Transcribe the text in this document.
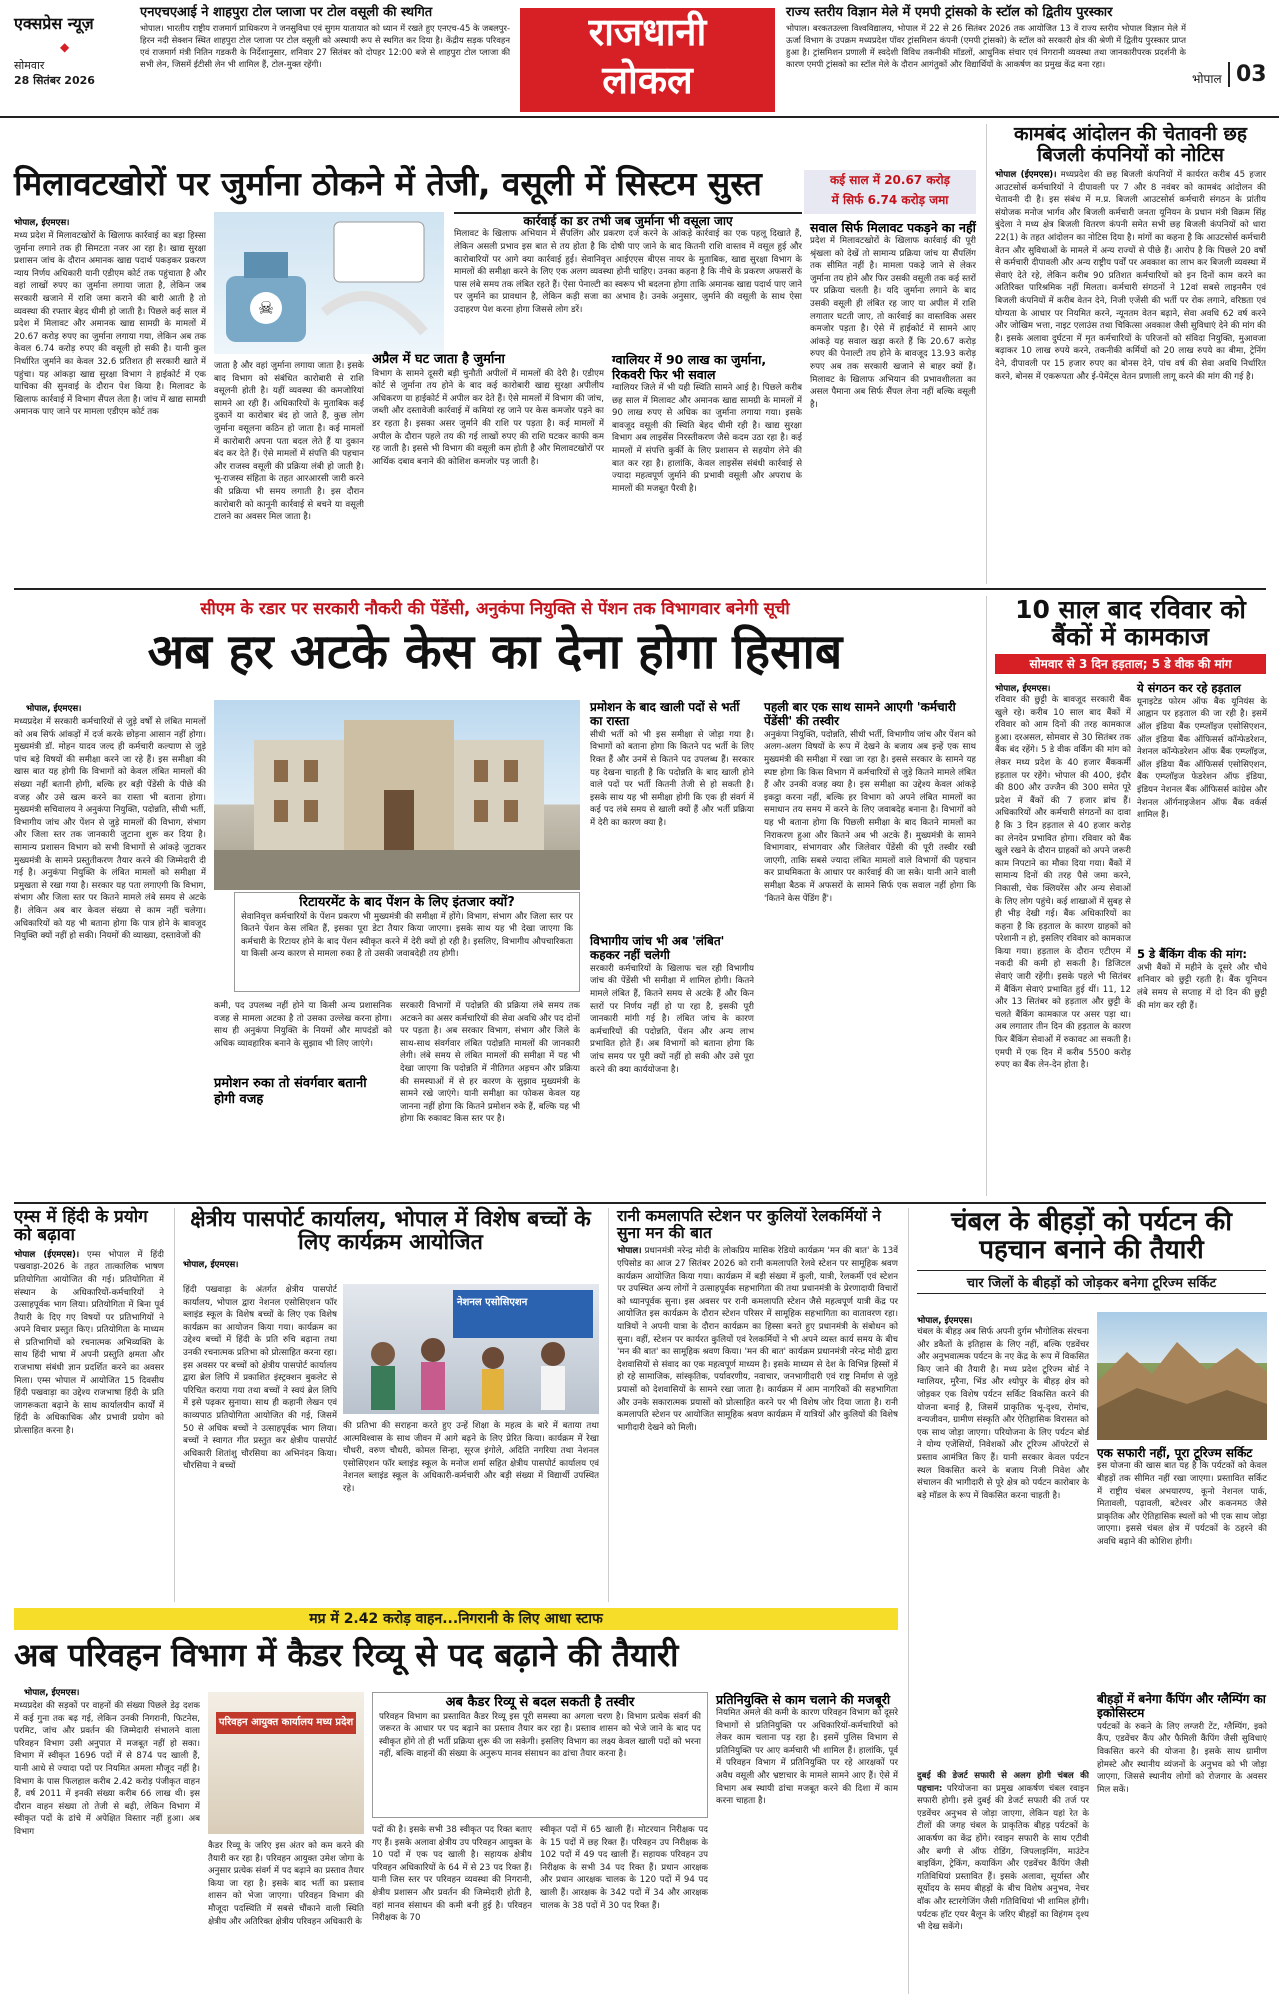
एक्सप्रेस न्यूज़
◆
सोमवार
28 सितंबर 2026
एनएचएआई ने शाहपुरा टोल प्लाजा पर टोल वसूली की स्थगित
भोपाल। भारतीय राष्ट्रीय राजमार्ग प्राधिकरण ने जनसुविधा एवं सुगम यातायात को ध्यान में रखते हुए एनएच-45 के जबलपुर-हिरन नदी सेक्शन स्थित शाहपुरा टोल प्लाजा पर टोल वसूली को अस्थायी रूप से स्थगित कर दिया है। केंद्रीय सड़क परिवहन एवं राजमार्ग मंत्री नितिन गडकरी के निर्देशानुसार, शनिवार 27 सितंबर को दोपहर 12:00 बजे से शाहपुरा टोल प्लाजा की सभी लेन, जिसमें ईटीसी लेन भी शामिल हैं, टोल-मुक्त रहेंगी।
राजधानी
लोकल
राज्य स्तरीय विज्ञान मेले में एमपी ट्रांसको के स्टॉल को द्वितीय पुरस्कार
भोपाल। बरकतउल्ला विश्वविद्यालय, भोपाल में 22 से 26 सितंबर 2026 तक आयोजित 13 वें राज्य स्तरीय भोपाल विज्ञान मेले में ऊर्जा विभाग के उपक्रम मध्यप्रदेश पॉवर ट्रांसमिशन कंपनी (एमपी ट्रांसको) के स्टॉल को सरकारी क्षेत्र की श्रेणी में द्वितीय पुरस्कार प्राप्त हुआ है। ट्रांसमिशन प्रणाली में स्वदेशी विविध तकनीकी मॉडलों, आधुनिक संचार एवं निगरानी व्यवस्था तथा जानकारीपरक प्रदर्शनी के कारण एमपी ट्रांसको का स्टॉल मेले के दौरान आगंतुकों और विद्यार्थियों के आकर्षण का प्रमुख केंद्र बना रहा।
भोपाल 03
मिलावटखोरों पर जुर्माना ठोकने में तेजी, वसूली में सिस्टम सुस्त
☠
भोपाल, ईएमएस।
मध्य प्रदेश में मिलावटखोरों के खिलाफ कार्रवाई का बड़ा हिस्सा जुर्माना लगाने तक ही सिमटता नजर आ रहा है। खाद्य सुरक्षा प्रशासन जांच के दौरान अमानक खाद्य पदार्थ पकड़कर प्रकरण न्याय निर्णय अधिकारी यानी एडीएम कोर्ट तक पहुंचाता है और वहां लाखों रुपए का जुर्माना लगाया जाता है, लेकिन जब सरकारी खजाने में राशि जमा कराने की बारी आती है तो व्यवस्था की रफ्तार बेहद धीमी हो जाती है। पिछले कई साल में प्रदेश में मिलावट और अमानक खाद्य सामग्री के मामलों में 20.67 करोड़ रुपए का जुर्माना लगाया गया, लेकिन अब तक केवल 6.74 करोड़ रुपए की वसूली हो सकी है। यानी कुल निर्धारित जुर्माने का केवल 32.6 प्रतिशत ही सरकारी खाते में पहुंचा। यह आंकड़ा खाद्य सुरक्षा विभाग ने हाईकोर्ट में एक याचिका की सुनवाई के दौरान पेश किया है। मिलावट के खिलाफ कार्रवाई में विभाग सैंपल लेता है। जांच में खाद्य सामग्री अमानक पाए जाने पर मामला एडीएम कोर्ट तक
जाता है और वहां जुर्माना लगाया जाता है। इसके बाद विभाग को संबंधित कारोबारी से राशि वसूलनी होती है। यहीं व्यवस्था की कमजोरियां सामने आ रही हैं। अधिकारियों के मुताबिक कई दुकानें या कारोबार बंद हो जाते हैं, कुछ लोग जुर्माना वसूलना कठिन हो जाता है। कई मामलों में कारोबारी अपना पता बदल लेते हैं या दुकान बंद कर देते हैं। ऐसे मामलों में संपत्ति की पहचान और राजस्व वसूली की प्रक्रिया लंबी हो जाती है। भू-राजस्व संहिता के तहत आरआरसी जारी करने की प्रक्रिया भी समय लगाती है। इस दौरान कारोबारी को कानूनी कार्रवाई से बचने या वसूली टालने का अवसर मिल जाता है।
कार्रवाई का डर तभी जब जुर्माना भी वसूला जाए
मिलावट के खिलाफ अभियान में सैंपलिंग और प्रकरण दर्ज करने के आंकड़े कार्रवाई का एक पहलू दिखाते हैं, लेकिन असली प्रभाव इस बात से तय होता है कि दोषी पाए जाने के बाद कितनी राशि वास्तव में वसूल हुई और कारोबारियों पर आगे क्या कार्रवाई हुई। सेवानिवृत्त आईएएस बीएस नायर के मुताबिक, खाद्य सुरक्षा विभाग के मामलों की समीक्षा करने के लिए एक अलग व्यवस्था होनी चाहिए। उनका कहना है कि नीचे के प्रकरण अफसरों के पास लंबे समय तक लंबित रहते हैं। ऐसा पेनाल्टी का स्वरूप भी बदलना होगा ताकि अमानक खाद्य पदार्थ पाए जाने पर जुर्माने का प्रावधान है, लेकिन कड़ी सजा का अभाव है। उनके अनुसार, जुर्माने की वसूली के साथ ऐसा उदाहरण पेश करना होगा जिससे लोग डरें।
अप्रैल में घट जाता है जुर्माना
विभाग के सामने दूसरी बड़ी चुनौती अपीलों में मामलों की देरी है। एडीएम कोर्ट से जुर्माना तय होने के बाद कई कारोबारी खाद्य सुरक्षा अपीलीय अधिकरण या हाईकोर्ट में अपील कर देते हैं। ऐसे मामलों में विभाग की जांच, जब्ती और दस्तावेजी कार्रवाई में कमियां रह जाने पर केस कमजोर पड़ने का डर रहता है। इसका असर जुर्माने की राशि पर पड़ता है। कई मामलों में अपील के दौरान पहले तय की गई लाखों रुपए की राशि घटकर काफी कम रह जाती है। इससे भी विभाग की वसूली कम होती है और मिलावटखोरों पर आर्थिक दबाव बनाने की कोशिश कमजोर पड़ जाती है।
ग्वालियर में 90 लाख का जुर्माना, रिकवरी फिर भी सवाल
ग्वालियर जिले में भी यही स्थिति सामने आई है। पिछले करीब छह साल में मिलावट और अमानक खाद्य सामग्री के मामलों में 90 लाख रुपए से अधिक का जुर्माना लगाया गया। इसके बावजूद वसूली की स्थिति बेहद धीमी रही है। खाद्य सुरक्षा विभाग अब लाइसेंस निरस्तीकरण जैसे कदम उठा रहा है। कई मामलों में संपत्ति कुर्की के लिए प्रशासन से सहयोग लेने की बात कर रहा है। हालांकि, केवल लाइसेंस संबंधी कार्रवाई से ज्यादा महत्वपूर्ण जुर्माने की प्रभावी वसूली और अपराध के मामलों की मजबूत पैरवी है।
कई साल में 20.67 करोड़
में सिर्फ 6.74 करोड़ जमा
सवाल सिर्फ मिलावट पकड़ने का नहीं
प्रदेश में मिलावटखोरों के खिलाफ कार्रवाई की पूरी श्रृंखला को देखें तो सामान्य प्रक्रिया जांच या सैंपलिंग तक सीमित नहीं है। मामला पकड़े जाने से लेकर जुर्माना तय होने और फिर उसकी वसूली तक कई स्तरों पर प्रक्रिया चलती है। यदि जुर्माना लगाने के बाद उसकी वसूली ही लंबित रह जाए या अपील में राशि लगातार घटती जाए, तो कार्रवाई का वास्तविक असर कमजोर पड़ता है। ऐसे में हाईकोर्ट में सामने आए आंकड़े यह सवाल खड़ा करते हैं कि 20.67 करोड़ रुपए की पेनाल्टी तय होने के बावजूद 13.93 करोड़ रुपए अब तक सरकारी खजाने से बाहर क्यों हैं। मिलावट के खिलाफ अभियान की प्रभावशीलता का असल पैमाना अब सिर्फ सैंपल लेना नहीं बल्कि वसूली है।
कामबंद आंदोलन की चेतावनी छह बिजली कंपनियों को नोटिस
भोपाल (ईएमएस)। मध्यप्रदेश की छह बिजली कंपनियों में कार्यरत करीब 45 हजार आउटसोर्स कर्मचारियों ने दीपावली पर 7 और 8 नवंबर को कामबंद आंदोलन की चेतावनी दी है। इस संबंध में म.प्र. बिजली आउटसोर्स कर्मचारी संगठन के प्रांतीय संयोजक मनोज भार्गव और बिजली कर्मचारी जनता यूनियन के प्रधान मंत्री विक्रम सिंह बुंदेला ने मध्य क्षेत्र बिजली वितरण कंपनी समेत सभी छह बिजली कंपनियों को धारा 22(1) के तहत आंदोलन का नोटिस दिया है। मांगों का कहना है कि आउटसोर्स कर्मचारी वेतन और सुविधाओं के मामले में अन्य राज्यों से पीछे हैं। आरोप है कि पिछले 20 वर्षों से कर्मचारी दीपावली और अन्य राष्ट्रीय पर्वों पर अवकाश का लाभ कर बिजली व्यवस्था में सेवाएं देते रहे, लेकिन करीब 90 प्रतिशत कर्मचारियों को इन दिनों काम करने का अतिरिक्त पारिश्रमिक नहीं मिलता। कर्मचारी संगठनों ने 12वां सबसे लाइनमैन एवं बिजली कंपनियों में करीब वेतन देने, निजी एजेंसी की भर्ती पर रोक लगाने, वरिष्ठता एवं योग्यता के आधार पर नियमित करने, न्यूनतम वेतन बढ़ाने, सेवा अवधि 62 वर्ष करने और जोखिम भत्ता, नाइट एलाउंस तथा चिकित्सा अवकाश जैसी सुविधाएं देने की मांग की है। इसके अलावा दुर्घटना में मृत कर्मचारियों के परिजनों को संविदा नियुक्ति, मुआवजा बढ़ाकर 10 लाख रुपये करने, तकनीकी कर्मियों को 20 लाख रुपये का बीमा, ट्रेनिंग देने, दीपावली पर 15 हजार रुपए का बोनस देने, पांच वर्ष की सेवा अवधि निर्धारित करने, बोनस में एकरूपता और ई-पेमेंट्स वेतन प्रणाली लागू करने की मांग की गई है।
सीएम के रडार पर सरकारी नौकरी की पेंडेंसी, अनुकंपा नियुक्ति से पेंशन तक विभागवार बनेगी सूची
अब हर अटके केस का देना होगा हिसाब
भोपाल, ईएमएस।
मध्यप्रदेश में सरकारी कर्मचारियों से जुड़े वर्षों से लंबित मामलों को अब सिर्फ आंकड़ों में दर्ज करके छोड़ना आसान नहीं होगा। मुख्यमंत्री डॉ. मोहन यादव जल्द ही कर्मचारी कल्याण से जुड़े पांच बड़े विषयों की समीक्षा करने जा रहे हैं। इस समीक्षा की खास बात यह होगी कि विभागों को केवल लंबित मामलों की संख्या नहीं बतानी होगी, बल्कि हर बड़ी पेंडेंसी के पीछे की वजह और उसे खत्म करने का रास्ता भी बताना होगा। मुख्यमंत्री सचिवालय ने अनुकंपा नियुक्ति, पदोन्नति, सीधी भर्ती, विभागीय जांच और पेंशन से जुड़े मामलों की विभाग, संभाग और जिला स्तर तक जानकारी जुटाना शुरू कर दिया है। सामान्य प्रशासन विभाग को सभी विभागों से आंकड़े जुटाकर मुख्यमंत्री के सामने प्रस्तुतीकरण तैयार करने की जिम्मेदारी दी गई है। अनुकंपा नियुक्ति के लंबित मामलों को समीक्षा में प्रमुखता से रखा गया है। सरकार यह पता लगाएगी कि विभाग, संभाग और जिला स्तर पर कितने मामले लंबे समय से अटके हैं। लेकिन अब बार केवल संख्या से काम नहीं चलेगा। अधिकारियों को यह भी बताना होगा कि पात्र होने के बावजूद नियुक्ति क्यों नहीं हो सकी। नियमों की व्याख्या, दस्तावेजों की
रिटायरमेंट के बाद पेंशन के लिए इंतजार क्यों?
सेवानिवृत्त कर्मचारियों के पेंशन प्रकरण भी मुख्यमंत्री की समीक्षा में होंगे। विभाग, संभाग और जिला स्तर पर कितने पेंशन केस लंबित हैं, इसका पूरा डेटा तैयार किया जाएगा। इसके साथ यह भी देखा जाएगा कि कर्मचारी के रिटायर होने के बाद पेंशन स्वीकृत करने में देरी क्यों हो रही है। इसलिए, विभागीय औपचारिकता या किसी अन्य कारण से मामला रुका है तो उसकी जवाबदेही तय होगी।
कमी, पद उपलब्ध नहीं होने या किसी अन्य प्रशासनिक वजह से मामला अटका है तो उसका उल्लेख करना होगा। साथ ही अनुकंपा नियुक्ति के नियमों और मापदंडों को अधिक व्यावहारिक बनाने के सुझाव भी लिए जाएंगे।
प्रमोशन रुका तो संवर्गवार बतानी होगी वजह
सरकारी विभागों में पदोन्नति की प्रक्रिया लंबे समय तक अटकने का असर कर्मचारियों की सेवा अवधि और पद दोनों पर पड़ता है। अब सरकार विभाग, संभाग और जिले के साथ-साथ संवर्गवार लंबित पदोन्नति मामलों की जानकारी लेगी। लंबे समय से लंबित मामलों की समीक्षा में यह भी देखा जाएगा कि पदोन्नति में नीतिगत अड़चन और प्रक्रिया की समस्याओं में से हर कारण के सुझाव मुख्यमंत्री के सामने रखे जाएंगे। यानी समीक्षा का फोकस केवल यह जानना नहीं होगा कि कितने प्रमोशन रुके हैं, बल्कि यह भी होगा कि रुकावट किस स्तर पर है।
प्रमोशन के बाद खाली पदों से भर्ती का रास्ता
सीधी भर्ती को भी इस समीक्षा से जोड़ा गया है। विभागों को बताना होगा कि कितने पद भर्ती के लिए रिक्त हैं और उनमें से कितने पद उपलब्ध हैं। सरकार यह देखना चाहती है कि पदोन्नति के बाद खाली होने वाले पदों पर भर्ती कितनी तेजी से हो सकती है। इसके साथ यह भी समीक्षा होगी कि एक ही संवर्ग में कई पद लंबे समय से खाली क्यों हैं और भर्ती प्रक्रिया में देरी का कारण क्या है।
विभागीय जांच भी अब 'लंबित' कहकर नहीं चलेगी
सरकारी कर्मचारियों के खिलाफ चल रही विभागीय जांच की पेंडेंसी भी समीक्षा में शामिल होगी। कितने मामले लंबित हैं, कितने समय से अटके हैं और किन स्तरों पर निर्णय नहीं हो पा रहा है, इसकी पूरी जानकारी मांगी गई है। लंबित जांच के कारण कर्मचारियों की पदोन्नति, पेंशन और अन्य लाभ प्रभावित होते हैं। अब विभागों को बताना होगा कि जांच समय पर पूरी क्यों नहीं हो सकी और उसे पूरा करने की क्या कार्ययोजना है।
पहली बार एक साथ सामने आएगी 'कर्मचारी पेंडेंसी' की तस्वीर
अनुकंपा नियुक्ति, पदोन्नति, सीधी भर्ती, विभागीय जांच और पेंशन को अलग-अलग विषयों के रूप में देखने के बजाय अब इन्हें एक साथ मुख्यमंत्री की समीक्षा में रखा जा रहा है। इससे सरकार के सामने यह स्पष्ट होगा कि किस विभाग में कर्मचारियों से जुड़े कितने मामले लंबित हैं और उनकी वजह क्या है। इस समीक्षा का उद्देश्य केवल आंकड़े इकट्ठा करना नहीं, बल्कि हर विभाग को अपने लंबित मामलों का समाधान तय समय में करने के लिए जवाबदेह बनाना है। विभागों को यह भी बताना होगा कि पिछली समीक्षा के बाद कितने मामलों का निराकरण हुआ और कितने अब भी अटके हैं। मुख्यमंत्री के सामने विभागवार, संभागवार और जिलेवार पेंडेंसी की पूरी तस्वीर रखी जाएगी, ताकि सबसे ज्यादा लंबित मामलों वाले विभागों की पहचान कर प्राथमिकता के आधार पर कार्रवाई की जा सके। यानी आने वाली समीक्षा बैठक में अफसरों के सामने सिर्फ एक सवाल नहीं होगा कि 'कितने केस पेंडिंग हैं'।
10 साल बाद रविवार को बैंकों में कामकाज
सोमवार से 3 दिन हड़ताल; 5 डे वीक की मांग
भोपाल, ईएमएस।
रविवार की छुट्टी के बावजूद सरकारी बैंक खुले रहे। करीब 10 साल बाद बैंकों में रविवार को आम दिनों की तरह कामकाज हुआ। दरअसल, सोमवार से 30 सितंबर तक बैंक बंद रहेंगे। 5 डे वीक वर्किंग की मांग को लेकर मध्य प्रदेश के 40 हजार बैंककर्मी हड़ताल पर रहेंगे। भोपाल की 400, इंदौर की 800 और उज्जैन की 300 समेत पूरे प्रदेश में बैंकों की 7 हजार ब्रांच हैं। अधिकारियों और कर्मचारी संगठनों का दावा है कि 3 दिन हड़ताल से 40 हजार करोड़ का लेनदेन प्रभावित होगा। रविवार को बैंक खुले रखने के दौरान ग्राहकों को अपने जरूरी काम निपटाने का मौका दिया गया। बैंकों में सामान्य दिनों की तरह पैसे जमा करने, निकासी, चेक क्लियरेंस और अन्य सेवाओं के लिए लोग पहुंचे। कई शाखाओं में सुबह से ही भीड़ देखी गई। बैंक अधिकारियों का कहना है कि हड़ताल के कारण ग्राहकों को परेशानी न हो, इसलिए रविवार को कामकाज किया गया। हड़ताल के दौरान एटीएम में नकदी की कमी हो सकती है। डिजिटल सेवाएं जारी रहेंगी। इसके पहले भी सितंबर में बैंकिंग सेवाएं प्रभावित हुई थीं। 11, 12 और 13 सितंबर को हड़ताल और छुट्टी के चलते बैंकिंग कामकाज पर असर पड़ा था। अब लगातार तीन दिन की हड़ताल के कारण फिर बैंकिंग सेवाओं में रुकावट आ सकती है। एमपी में एक दिन में करीब 5500 करोड़ रुपए का बैंक लेन-देन होता है।
ये संगठन कर रहे हड़ताल
यूनाइटेड फोरम ऑफ बैंक यूनियंस के आह्वान पर हड़ताल की जा रही है। इसमें ऑल इंडिया बैंक एम्प्लॉइज एसोसिएशन, ऑल इंडिया बैंक ऑफिसर्स कॉन्फेडरेशन, नेशनल कॉन्फेडरेशन ऑफ बैंक एम्प्लॉइज, ऑल इंडिया बैंक ऑफिसर्स एसोसिएशन, बैंक एम्प्लॉइज फेडरेशन ऑफ इंडिया, इंडियन नेशनल बैंक ऑफिसर्स कांग्रेस और नेशनल ऑर्गनाइजेशन ऑफ बैंक वर्कर्स शामिल हैं।
5 डे बैंकिंग वीक की मांग:
अभी बैंकों में महीने के दूसरे और चौथे शनिवार को छुट्टी रहती है। बैंक यूनियन लंबे समय से सप्ताह में दो दिन की छुट्टी की मांग कर रही हैं।
एम्स में हिंदी के प्रयोग को बढ़ावा
भोपाल (ईएमएस)। एम्स भोपाल में हिंदी पखवाड़ा-2026 के तहत तात्कालिक भाषण प्रतियोगिता आयोजित की गई। प्रतियोगिता में संस्थान के अधिकारियों-कर्मचारियों ने उत्साहपूर्वक भाग लिया। प्रतियोगिता में बिना पूर्व तैयारी के दिए गए विषयों पर प्रतिभागियों ने अपने विचार प्रस्तुत किए। प्रतियोगिता के माध्यम से प्रतिभागियों को रचनात्मक अभिव्यक्ति के साथ हिंदी भाषा में अपनी प्रस्तुति क्षमता और राजभाषा संबंधी ज्ञान प्रदर्शित करने का अवसर मिला। एम्स भोपाल में आयोजित 15 दिवसीय हिंदी पखवाड़ा का उद्देश्य राजभाषा हिंदी के प्रति जागरूकता बढ़ाने के साथ कार्यालयीन कार्यों में हिंदी के अधिकाधिक और प्रभावी प्रयोग को प्रोत्साहित करना है।
क्षेत्रीय पासपोर्ट कार्यालय, भोपाल में विशेष बच्चों के लिए कार्यक्रम आयोजित
भोपाल, ईएमएस।
नेशनल एसोसिएशन
हिंदी पखवाड़ा के अंतर्गत क्षेत्रीय पासपोर्ट कार्यालय, भोपाल द्वारा नेशनल एसोसिएशन फॉर ब्लाइंड स्कूल के विशेष बच्चों के लिए एक विशेष कार्यक्रम का आयोजन किया गया। कार्यक्रम का उद्देश्य बच्चों में हिंदी के प्रति रुचि बढ़ाना तथा उनकी रचनात्मक प्रतिभा को प्रोत्साहित करना रहा। इस अवसर पर बच्चों को क्षेत्रीय पासपोर्ट कार्यालय द्वारा ब्रेल लिपि में प्रकाशित इंस्ट्रक्शन बुकलेट से परिचित कराया गया तथा बच्चों ने स्वयं ब्रेल लिपि में इसे पढ़कर सुनाया। साथ ही कहानी लेखन एवं काव्यपाठ प्रतियोगिता आयोजित की गई, जिसमें 50 से अधिक बच्चों ने उत्साहपूर्वक भाग लिया। बच्चों ने स्वागत गीत प्रस्तुत कर क्षेत्रीय पासपोर्ट अधिकारी शितांशु चौरसिया का अभिनंदन किया। चौरसिया ने बच्चों
की प्रतिभा की सराहना करते हुए उन्हें शिक्षा के महत्व के बारे में बताया तथा आत्मविश्वास के साथ जीवन में आगे बढ़ने के लिए प्रेरित किया। कार्यक्रम में रेखा चौधरी, वरुण चौधरी, कोमल सिन्हा, सूरज इंगोले, अदिति नगरिया तथा नेशनल एसोसिएशन फॉर ब्लाइंड स्कूल के मनोज शर्मा सहित क्षेत्रीय पासपोर्ट कार्यालय एवं नेशनल ब्लाइंड स्कूल के अधिकारी-कर्मचारी और बड़ी संख्या में विद्यार्थी उपस्थित रहे।
रानी कमलापति स्टेशन पर कुलियों रेलकर्मियों ने सुना मन की बात
भोपाल। प्रधानमंत्री नरेन्द्र मोदी के लोकप्रिय मासिक रेडियो कार्यक्रम 'मन की बात' के 13वें एपिसोड का आज 27 सितंबर 2026 को रानी कमलापति रेलवे स्टेशन पर सामूहिक श्रवण कार्यक्रम आयोजित किया गया। कार्यक्रम में बड़ी संख्या में कुली, यात्री, रेलकर्मी एवं स्टेशन पर उपस्थित अन्य लोगों ने उत्साहपूर्वक सहभागिता की तथा प्रधानमंत्री के प्रेरणादायी विचारों को ध्यानपूर्वक सुना। इस अवसर पर रानी कमलापति स्टेशन जैसे महत्वपूर्ण यात्री केंद्र पर आयोजित इस कार्यक्रम के दौरान स्टेशन परिसर में सामूहिक सहभागिता का वातावरण रहा। यात्रियों ने अपनी यात्रा के दौरान कार्यक्रम का हिस्सा बनते हुए प्रधानमंत्री के संबोधन को सुना। वहीं, स्टेशन पर कार्यरत कुलियों एवं रेलकर्मियों ने भी अपने व्यस्त कार्य समय के बीच 'मन की बात' का सामूहिक श्रवण किया। 'मन की बात' कार्यक्रम प्रधानमंत्री नरेन्द्र मोदी द्वारा देशवासियों से संवाद का एक महत्वपूर्ण माध्यम है। इसके माध्यम से देश के विभिन्न हिस्सों में हो रहे सामाजिक, सांस्कृतिक, पर्यावरणीय, नवाचार, जनभागीदारी एवं राष्ट्र निर्माण से जुड़े प्रयासों को देशवासियों के सामने रखा जाता है। कार्यक्रम में आम नागरिकों की सहभागिता और उनके सकारात्मक प्रयासों को प्रोत्साहित करने पर भी विशेष जोर दिया जाता है। रानी कमलापति स्टेशन पर आयोजित सामूहिक श्रवण कार्यक्रम में यात्रियों और कुलियों की विशेष भागीदारी देखने को मिली।
चंबल के बीहड़ों को पर्यटन की पहचान बनाने की तैयारी
चार जिलों के बीहड़ों को जोड़कर बनेगा टूरिज्म सर्किट
भोपाल, ईएमएस।
चंबल के बीहड़ अब सिर्फ अपनी दुर्गम भौगोलिक संरचना और डकैतों के इतिहास के लिए नहीं, बल्कि एडवेंचर और अनुभवात्मक पर्यटन के नए केंद्र के रूप में विकसित किए जाने की तैयारी है। मध्य प्रदेश टूरिज्म बोर्ड ने ग्वालियर, मुरैना, भिंड और श्योपुर के बीहड़ क्षेत्र को जोड़कर एक विशेष पर्यटन सर्किट विकसित करने की योजना बनाई है, जिसमें प्राकृतिक भू-दृश्य, रोमांच, वन्यजीवन, ग्रामीण संस्कृति और ऐतिहासिक विरासत को एक साथ जोड़ा जाएगा। परियोजना के लिए पर्यटन बोर्ड ने योग्य एजेंसियों, निवेशकों और टूरिज्म ऑपरेटरों से प्रस्ताव आमंत्रित किए हैं। यानी सरकार केवल पर्यटन स्थल विकसित करने के बजाय निजी निवेश और संचालन की भागीदारी से पूरे क्षेत्र को पर्यटन कारोबार के बड़े मॉडल के रूप में विकसित करना चाहती है।
दुबई की डेजर्ट सफारी से अलग होगी चंबल की पहचान: परियोजना का प्रमुख आकर्षण चंबल रवाइन सफारी होगी। इसे दुबई की डेजर्ट सफारी की तर्ज पर एडवेंचर अनुभव से जोड़ा जाएगा, लेकिन यहां रेत के टीलों की जगह चंबल के प्राकृतिक बीहड़ पर्यटकों के आकर्षण का केंद्र होंगे। रवाइन सफारी के साथ एटीवी और बग्गी से ऑफ रोडिंग, जिपलाइनिंग, माउंटेन बाइकिंग, ट्रेकिंग, कयाकिंग और एडवेंचर कैंपिंग जैसी गतिविधियां प्रस्तावित हैं। इसके अलावा, सूर्यास्त और सूर्योदय के समय बीहड़ों के बीच विशेष अनुभव, नेचर वॉक और स्टारगेजिंग जैसी गतिविधियां भी शामिल होंगी। पर्यटक हॉट एयर बैलून के जरिए बीहड़ों का विहंगम दृश्य भी देख सकेंगे।
एक सफारी नहीं, पूरा टूरिज्म सर्किट
इस योजना की खास बात यह है कि पर्यटकों को केवल बीहड़ों तक सीमित नहीं रखा जाएगा। प्रस्तावित सर्किट में राष्ट्रीय चंबल अभयारण्य, कूनो नेशनल पार्क, मितावली, पढ़ावली, बटेश्वर और ककनमठ जैसे प्राकृतिक और ऐतिहासिक स्थलों को भी एक साथ जोड़ा जाएगा। इससे चंबल क्षेत्र में पर्यटकों के ठहरने की अवधि बढ़ाने की कोशिश होगी।
बीहड़ों में बनेगा कैंपिंग और ग्लैम्पिंग का इकोसिस्टम
पर्यटकों के रुकने के लिए लग्जरी टेंट, ग्लैम्पिंग, इको कैंप, एडवेंचर कैंप और फैमिली कैंपिंग जैसी सुविधाएं विकसित करने की योजना है। इसके साथ ग्रामीण होमस्टे और स्थानीय व्यंजनों के अनुभव को भी जोड़ा जाएगा, जिससे स्थानीय लोगों को रोजगार के अवसर मिल सकें।
मप्र में 2.42 करोड़ वाहन...निगरानी के लिए आधा स्टाफ
अब परिवहन विभाग में कैडर रिव्यू से पद बढ़ाने की तैयारी
भोपाल, ईएमएस।
मध्यप्रदेश की सड़कों पर वाहनों की संख्या पिछले डेढ़ दशक में कई गुना तक बढ़ गई, लेकिन उनकी निगरानी, फिटनेस, परमिट, जांच और प्रवर्तन की जिम्मेदारी संभालने वाला परिवहन विभाग उसी अनुपात में मजबूत नहीं हो सका। विभाग में स्वीकृत 1696 पदों में से 874 पद खाली हैं, यानी आधे से ज्यादा पदों पर नियमित अमला मौजूद नहीं है। विभाग के पास फिलहाल करीब 2.42 करोड़ पंजीकृत वाहन हैं, वर्ष 2011 में इनकी संख्या करीब 66 लाख थी। इस दौरान वाहन संख्या तो तेजी से बढ़ी, लेकिन विभाग में स्वीकृत पदों के ढांचे में अपेक्षित विस्तार नहीं हुआ। अब विभाग
परिवहन आयुक्त कार्यालय मध्य प्रदेश
कैडर रिव्यू के जरिए इस अंतर को कम करने की तैयारी कर रहा है। परिवहन आयुक्त उमेश जोगा के अनुसार प्रत्येक संवर्ग में पद बढ़ाने का प्रस्ताव तैयार किया जा रहा है। इसके बाद भर्ती का प्रस्ताव शासन को भेजा जाएगा। परिवहन विभाग की मौजूदा पदस्थिति में सबसे चौंकाने वाली स्थिति क्षेत्रीय और अतिरिक्त क्षेत्रीय परिवहन अधिकारी के
पदों की है। इसके सभी 38 स्वीकृत पद रिक्त बताए गए हैं। इसके अलावा क्षेत्रीय उप परिवहन आयुक्त के 10 पदों में एक पद खाली है। सहायक क्षेत्रीय परिवहन अधिकारियों के 64 में से 23 पद रिक्त हैं। यानी जिस स्तर पर परिवहन व्यवस्था की निगरानी, क्षेत्रीय प्रशासन और प्रवर्तन की जिम्मेदारी होती है, वहां मानव संसाधन की कमी बनी हुई है। परिवहन निरीक्षक के 70
अब कैडर रिव्यू से बदल सकती है तस्वीर
परिवहन विभाग का प्रस्तावित कैडर रिव्यू इस पूरी समस्या का अगला चरण है। विभाग प्रत्येक संवर्ग की जरूरत के आधार पर पद बढ़ाने का प्रस्ताव तैयार कर रहा है। प्रस्ताव शासन को भेजे जाने के बाद पद स्वीकृत होंगे तो ही भर्ती प्रक्रिया शुरू की जा सकेगी। इसलिए विभाग का लक्ष्य केवल खाली पदों को भरना नहीं, बल्कि वाहनों की संख्या के अनुरूप मानव संसाधन का ढांचा तैयार करना है।
स्वीकृत पदों में 65 खाली हैं। मोटरयान निरीक्षक पद के 15 पदों में छह रिक्त हैं। परिवहन उप निरीक्षक के 102 पदों में 49 पद खाली हैं। सहायक परिवहन उप निरीक्षक के सभी 34 पद रिक्त हैं। प्रधान आरक्षक और प्रधान आरक्षक चालक के 120 पदों में 94 पद खाली हैं। आरक्षक के 342 पदों में 34 और आरक्षक चालक के 38 पदों में 30 पद रिक्त हैं।
प्रतिनियुक्ति से काम चलाने की मजबूरी
नियमित अमले की कमी के कारण परिवहन विभाग को दूसरे विभागों से प्रतिनियुक्ति पर अधिकारियों-कर्मचारियों को लेकर काम चलाना पड़ रहा है। इसमें पुलिस विभाग से प्रतिनियुक्ति पर आए कर्मचारी भी शामिल हैं। हालांकि, पूर्व में परिवहन विभाग में प्रतिनियुक्ति पर रहे आरक्षकों पर अवैध वसूली और भ्रष्टाचार के मामले सामने आए हैं। ऐसे में विभाग अब स्थायी ढांचा मजबूत करने की दिशा में काम करना चाहता है।
